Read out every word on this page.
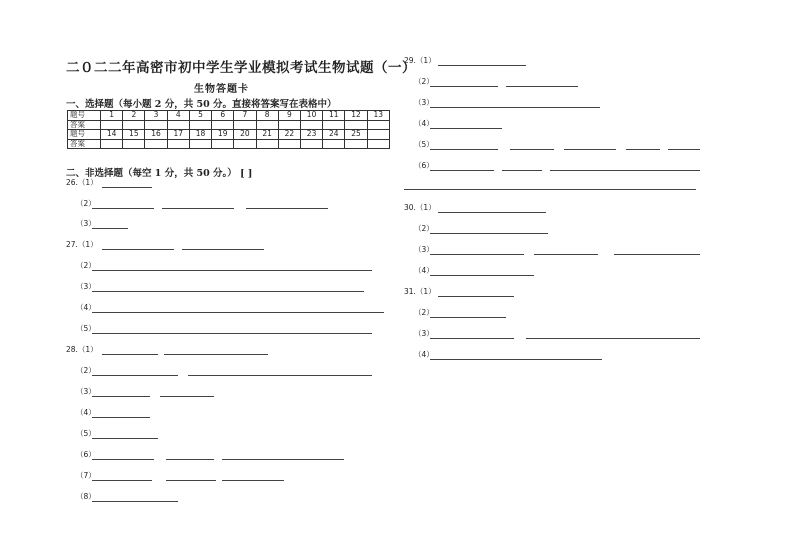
二０二二年高密市初中学生学业模拟考试生物试题（一）
生物答题卡
一、选择题（每小题 2 分，共 50 分。直接将答案写在表格中）
题号	1	2	3	4	5	6	7	8	9	10	11	12	13
答案													
题号	14	15	16	17	18	19	20	21	22	23	24	25	
答案													
二、非选择题（每空 1 分，共 50 分。） [ ]
26.（1）
（2）
（3）
27.（1）
（2）
（3）
（4）
（5）
28.（1）
（2）
（3）
（4）
（5）
（6）
（7）
（8）
29.（1）
（2）
（3）
（4）
（5）
（6）
30.（1）
（2）
（3）
（4）
31.（1）
（2）
（3）
（4）
